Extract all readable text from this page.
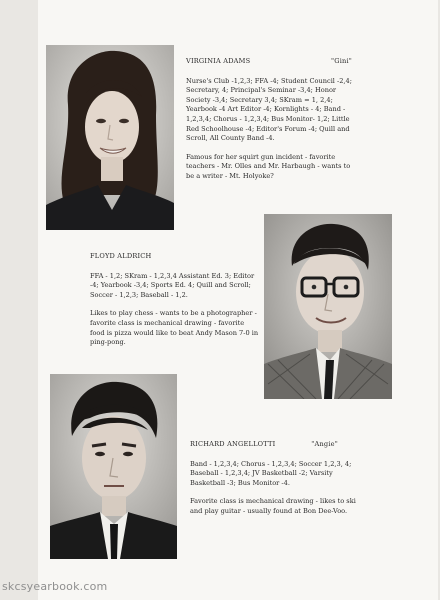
VIRGINIA ADAMS	"Gini"

Nurse's Club -1,2,3; FFA -4; Student Council -2,4; Secretary, 4; Principal's Seminar -3,4; Honor Society -3,4; Secretary 3,4; SKram = 1, 2,4; Yearbook -4 Art Editor -4; Kornlights - 4; Band - 1,2,3,4; Chorus - 1,2,3,4; Bus Monitor- 1,2; Little Red Schoolhouse -4; Editor's Forum -4; Quill and Scroll, All County Band -4.

Famous for her squirt gun incident - favorite teachers - Mr. Olles and Mr. Harbaugh - wants to be a writer - Mt. Holyoke?

FLOYD ALDRICH

FFA - 1,2; SKram - 1,2,3,4 Assistant Ed. 3; Editor -4; Yearbook -3,4; Sports Ed. 4; Quill and Scroll; Soccer - 1,2,3; Baseball - 1,2.

Likes to play chess - wants to be a photographer - favorite class is mechanical drawing - favorite food is pizza would like to beat Andy Mason 7-0 in ping-pong.

RICHARD ANGELLOTTI	"Angie"

Band - 1,2,3,4; Chorus - 1,2,3,4; Soccer 1,2,3, 4; Baseball - 1,2,3,4; JV Basketball -2; Varsity Basketball -3; Bus Monitor -4.

Favorite class is mechanical drawing - likes to ski and play guitar - usually found at Bon Dee-Voo.

skcsyearbook.com
